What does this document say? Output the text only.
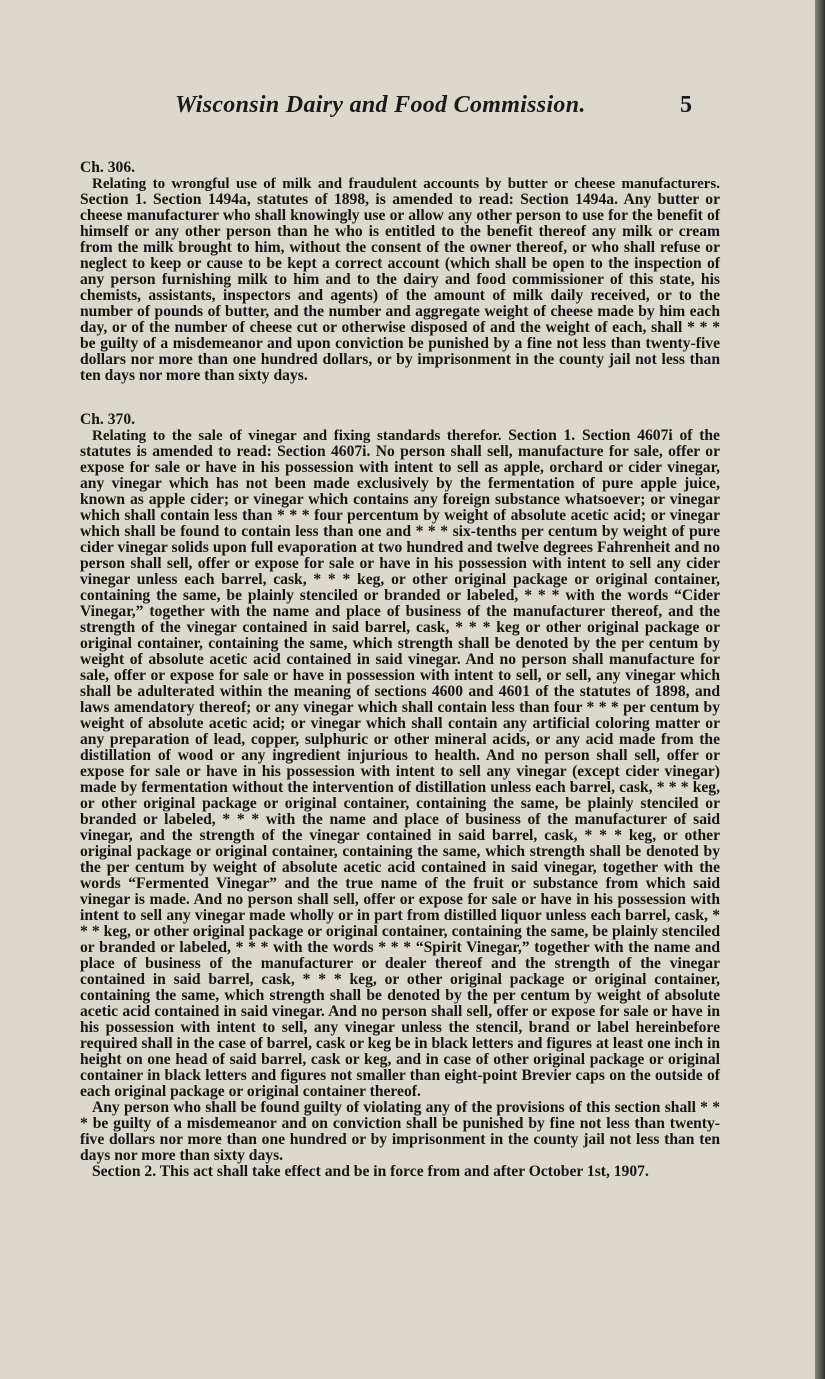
Wisconsin Dairy and Food Commission.	5
Ch. 306.

Relating to wrongful use of milk and fraudulent accounts by butter or cheese manufacturers. Section 1. Section 1494a, statutes of 1898, is amended to read: Section 1494a. Any butter or cheese manufacturer who shall knowingly use or allow any other person to use for the benefit of himself or any other person than he who is entitled to the benefit thereof any milk or cream from the milk brought to him, without the consent of the owner thereof, or who shall refuse or neglect to keep or cause to be kept a correct account (which shall be open to the inspection of any person furnishing milk to him and to the dairy and food commissioner of this state, his chemists, assistants, inspectors and agents) of the amount of milk daily received, or to the number of pounds of butter, and the number and aggregate weight of cheese made by him each day, or of the number of cheese cut or otherwise disposed of and the weight of each, shall * * * be guilty of a misdemeanor and upon conviction be punished by a fine not less than twenty-five dollars nor more than one hundred dollars, or by imprisonment in the county jail not less than ten days nor more than sixty days.

Ch. 370.

Relating to the sale of vinegar and fixing standards therefor. Section 1. Section 4607i of the statutes is amended to read: Section 4607i. No person shall sell, manufacture for sale, offer or expose for sale or have in his possession with intent to sell as apple, orchard or cider vinegar, any vinegar which has not been made exclusively by the fermentation of pure apple juice, known as apple cider; or vinegar which contains any foreign substance whatsoever; or vinegar which shall contain less than * * * four percentum by weight of absolute acetic acid; or vinegar which shall be found to contain less than one and * * * six-tenths per centum by weight of pure cider vinegar solids upon full evaporation at two hundred and twelve degrees Fahrenheit and no person shall sell, offer or expose for sale or have in his possession with intent to sell any cider vinegar unless each barrel, cask, * * * keg, or other original package or original container, containing the same, be plainly stenciled or branded or labeled, * * * with the words “Cider Vinegar,” together with the name and place of business of the manufacturer thereof, and the strength of the vinegar contained in said barrel, cask, * * * keg or other original package or original container, containing the same, which strength shall be denoted by the per centum by weight of absolute acetic acid contained in said vinegar. And no person shall manufacture for sale, offer or expose for sale or have in possession with intent to sell, or sell, any vinegar which shall be adulterated within the meaning of sections 4600 and 4601 of the statutes of 1898, and laws amendatory thereof; or any vinegar which shall contain less than four * * * per centum by weight of absolute acetic acid; or vinegar which shall contain any artificial coloring matter or any preparation of lead, copper, sulphuric or other mineral acids, or any acid made from the distillation of wood or any ingredient injurious to health. And no person shall sell, offer or expose for sale or have in his possession with intent to sell any vinegar (except cider vinegar) made by fermentation without the intervention of distillation unless each barrel, cask, * * * keg, or other original package or original container, containing the same, be plainly stenciled or branded or labeled, * * * with the name and place of business of the manufacturer of said vinegar, and the strength of the vinegar contained in said barrel, cask, * * * keg, or other original package or original container, containing the same, which strength shall be denoted by the per centum by weight of absolute acetic acid contained in said vinegar, together with the words “Fermented Vinegar” and the true name of the fruit or substance from which said vinegar is made. And no person shall sell, offer or expose for sale or have in his possession with intent to sell any vinegar made wholly or in part from distilled liquor unless each barrel, cask, * * * keg, or other original package or original container, containing the same, be plainly stenciled or branded or labeled, * * * with the words * * * “Spirit Vinegar,” together with the name and place of business of the manufacturer or dealer thereof and the strength of the vinegar contained in said barrel, cask, * * * keg, or other original package or original container, containing the same, which strength shall be denoted by the per centum by weight of absolute acetic acid contained in said vinegar. And no person shall sell, offer or expose for sale or have in his possession with intent to sell, any vinegar unless the stencil, brand or label hereinbefore required shall in the case of barrel, cask or keg be in black letters and figures at least one inch in height on one head of said barrel, cask or keg, and in case of other original package or original container in black letters and figures not smaller than eight-point Brevier caps on the outside of each original package or original container thereof.

Any person who shall be found guilty of violating any of the provisions of this section shall * * * be guilty of a misdemeanor and on conviction shall be punished by fine not less than twenty-five dollars nor more than one hundred or by imprisonment in the county jail not less than ten days nor more than sixty days.

Section 2. This act shall take effect and be in force from and after October 1st, 1907.
